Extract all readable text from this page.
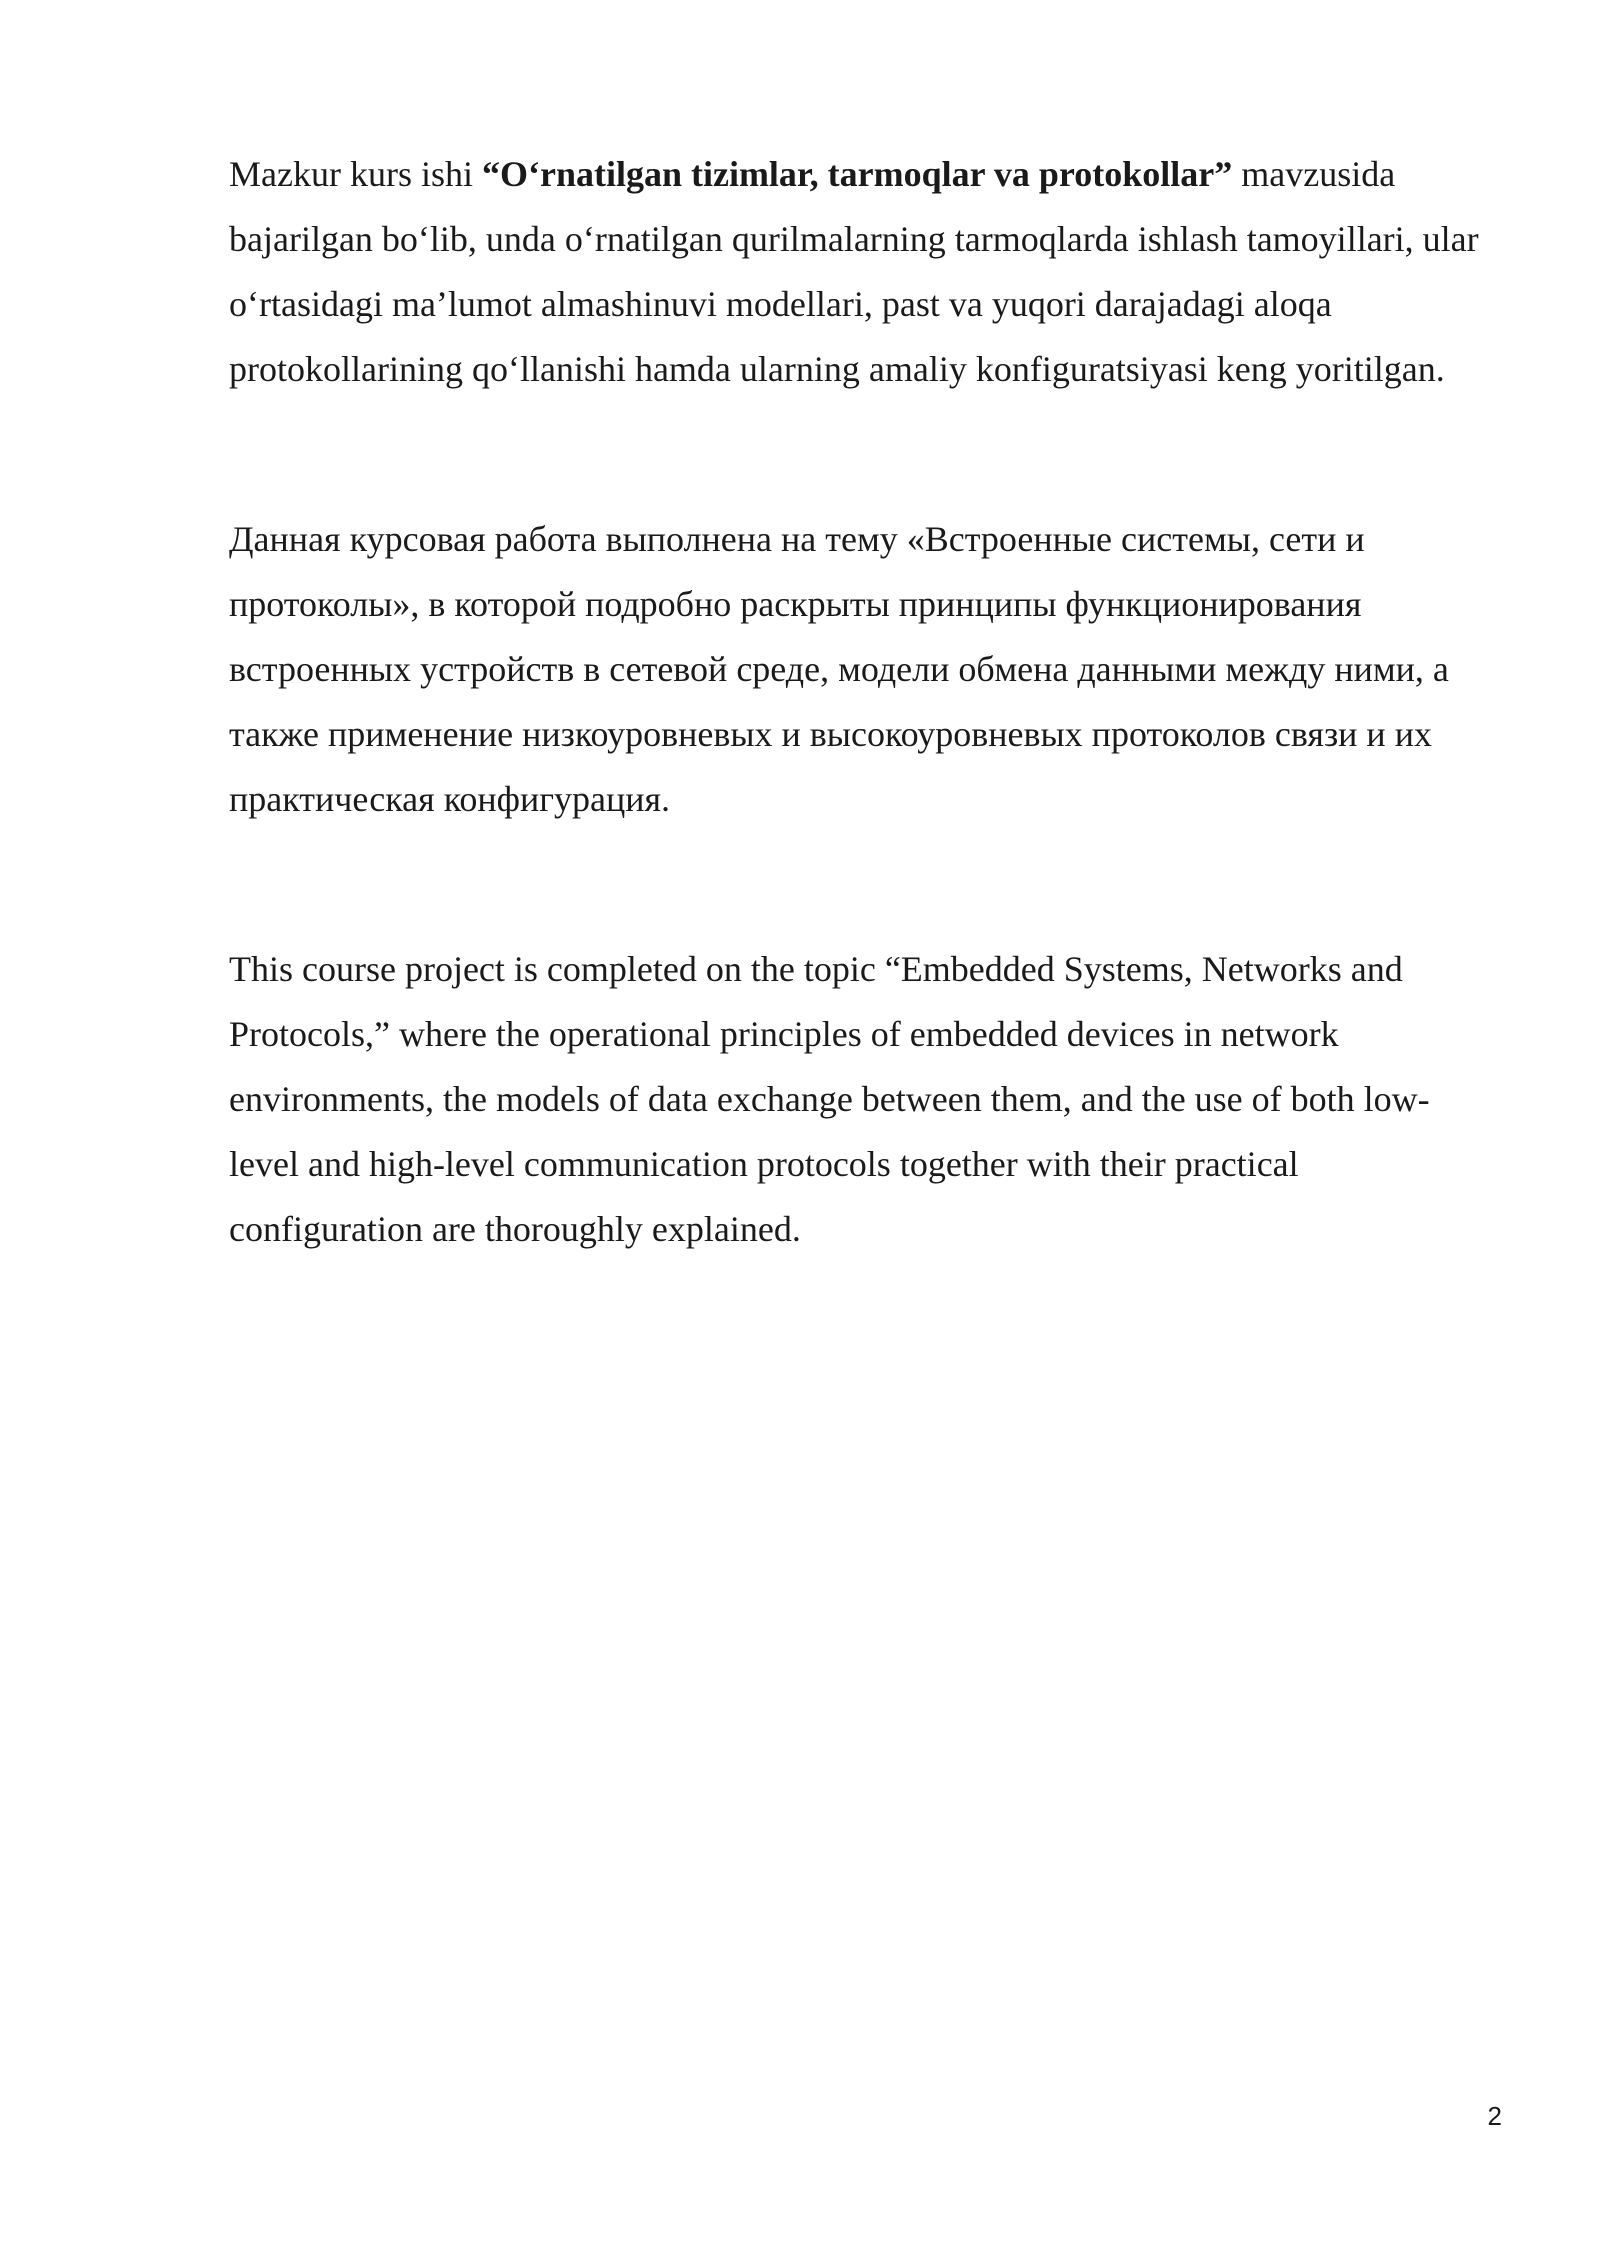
Mazkur kurs ishi “O‘rnatilgan tizimlar, tarmoqlar va protokollar” mavzusida bajarilgan bo‘lib, unda o‘rnatilgan qurilmalarning tarmoqlarda ishlash tamoyillari, ular o‘rtasidagi ma’lumot almashinuvi modellari, past va yuqori darajadagi aloqa protokollarining qo‘llanishi hamda ularning amaliy konfiguratsiyasi keng yoritilgan.

Данная курсовая работа выполнена на тему «Встроенные системы, сети и протоколы», в которой подробно раскрыты принципы функционирования встроенных устройств в сетевой среде, модели обмена данными между ними, а также применение низкоуровневых и высокоуровневых протоколов связи и их практическая конфигурация.

This course project is completed on the topic “Embedded Systems, Networks and Protocols,” where the operational principles of embedded devices in network environments, the models of data exchange between them, and the use of both low-level and high-level communication protocols together with their practical configuration are thoroughly explained.

2
